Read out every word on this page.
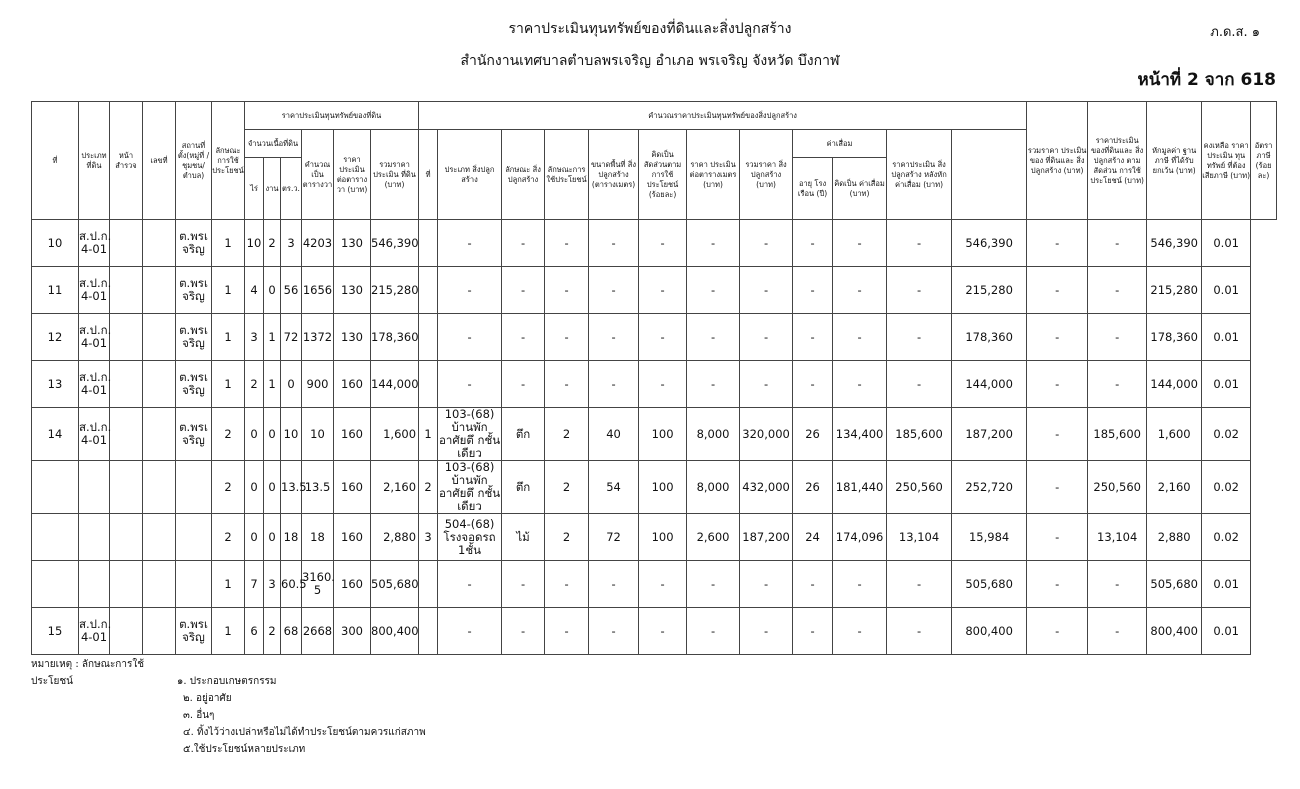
ราคาประเมินทุนทรัพย์ของที่ดินและสิ่งปลูกสร้าง
สำนักงานเทศบาลตำบลพรเจริญ อำเภอ พรเจริญ จังหวัด บึงกาฬ
ภ.ด.ส. ๑
หน้าที่ 2 จาก 618
ที่	ประเภท ที่ดิน	หน้า สำรวจ	เลขที่	สถานที่ ตั้ง(หมู่ที่ /ชุมชน/ ตำบล)	ลักษณะ การใช้ ประโยชน์	ราคาประเมินทุนทรัพย์ของที่ดิน						คำนวณราคาประเมินทุนทรัพย์ของสิ่งปลูกสร้าง												รวมราคา ประเมินของ ที่ดินและ สิ่งปลูกสร้าง (บาท)	ราคาประเมิน ของที่ดินและ สิ่งปลูกสร้าง ตามสัดส่วน การใช้ประโยชน์ (บาท)	หักมูลค่า ฐานภาษี ที่ได้รับ ยกเว้น (บาท)	คงเหลือ ราคาประเมิน ทุนทรัพย์ ที่ต้องเสียภาษี (บาท)	อัตราภาษี (ร้อยละ)
						จำนวนเนื้อที่ดิน			คำนวณ เป็น ตารางวา	ราคา ประเมิน ต่อตารางวา (บาท)	รวมราคา ประเมิน ที่ดิน (บาท)	ที่	ประเภท สิ่งปลูกสร้าง	ลักษณะ สิ่งปลูกสร้าง	ลักษณะการ ใช้ประโยชน์	ขนาดพื้นที่ สิ่งปลูกสร้าง (ตารางเมตร)	คิดเป็น สัดส่วนตาม การใช้ ประโยชน์ (ร้อยละ)	ราคา ประเมิน ต่อตารางเมตร (บาท)	รวมราคา สิ่งปลูกสร้าง (บาท)	ค่าเสื่อม		ราคาประเมิน สิ่งปลูกสร้าง หลังหัก ค่าเสื่อม (บาท)						
						ไร่	งาน	ตร.ว.												อายุ โรงเรือน (ปี)	คิดเป็น ค่าเสื่อม (บาท)							
10	ส.ป.ก. 4-01			ต.พรเ จริญ	1	10	2	3	4203	130	546,390		-	-	-	-	-	-	-	-	-	-	546,390	-	-	546,390	0.01	
11	ส.ป.ก. 4-01			ต.พรเ จริญ	1	4	0	56	1656	130	215,280		-	-	-	-	-	-	-	-	-	-	215,280	-	-	215,280	0.01	
12	ส.ป.ก. 4-01			ต.พรเ จริญ	1	3	1	72	1372	130	178,360		-	-	-	-	-	-	-	-	-	-	178,360	-	-	178,360	0.01	
13	ส.ป.ก. 4-01			ต.พรเ จริญ	1	2	1	0	900	160	144,000		-	-	-	-	-	-	-	-	-	-	144,000	-	-	144,000	0.01	
14	ส.ป.ก. 4-01			ต.พรเ จริญ	2	0	0	10	10	160	1,600	1	103-(68) บ้านพักอาศัยตึ กชั้นเดียว	ตึก	2	40	100	8,000	320,000	26	134,400	185,600	187,200	-	185,600	1,600	0.02	
					2	0	0	13.5	13.5	160	2,160	2	103-(68) บ้านพักอาศัยตึ กชั้นเดียว	ตึก	2	54	100	8,000	432,000	26	181,440	250,560	252,720	-	250,560	2,160	0.02	
					2	0	0	18	18	160	2,880	3	504-(68) โรงจอดรถ 1ชั้น	ไม้	2	72	100	2,600	187,200	24	174,096	13,104	15,984	-	13,104	2,880	0.02	
					1	7	3	60.5	3160. 5	160	505,680		-	-	-	-	-	-	-	-	-	-	505,680	-	-	505,680	0.01	
15	ส.ป.ก. 4-01			ต.พรเ จริญ	1	6	2	68	2668	300	800,400		-	-	-	-	-	-	-	-	-	-	800,400	-	-	800,400	0.01	
หมายเหตุ : ลักษณะการใช้ประโยชน์	๑. ประกอบเกษตรกรรม
๒. อยู่อาศัย
๓. อื่นๆ
๔. ทิ้งไว้ว่างเปล่าหรือไม่ได้ทำประโยชน์ตามควรแก่สภาพ
๕.ใช้ประโยชน์หลายประเภท
